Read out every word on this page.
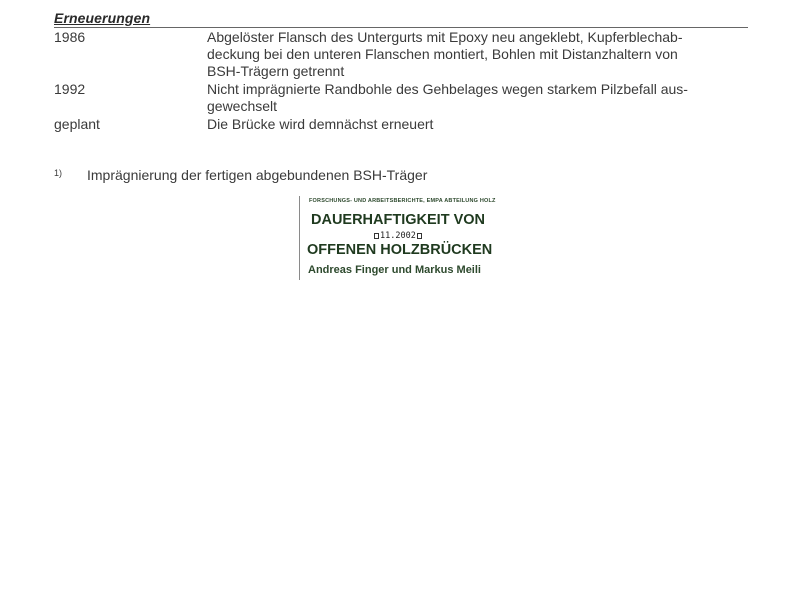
Erneuerungen
1986	Abgelöster Flansch des Untergurts mit Epoxy neu angeklebt, Kupferblechab-
deckung bei den unteren Flanschen montiert, Bohlen mit Distanzhaltern von
BSH-Trägern getrennt
1992	Nicht imprägnierte Randbohle des Gehbelages wegen starkem Pilzbefall aus-
gewechselt
geplant	Die Brücke wird demnächst erneuert
1) Imprägnierung der fertigen abgebundenen BSH-Träger
FORSCHUNGS- UND ARBEITSBERICHTE, EMPA ABTEILUNG HOLZ
DAUERHAFTIGKEIT VON
11.2002
OFFENEN HOLZBRÜCKEN
Andreas Finger und Markus Meili
